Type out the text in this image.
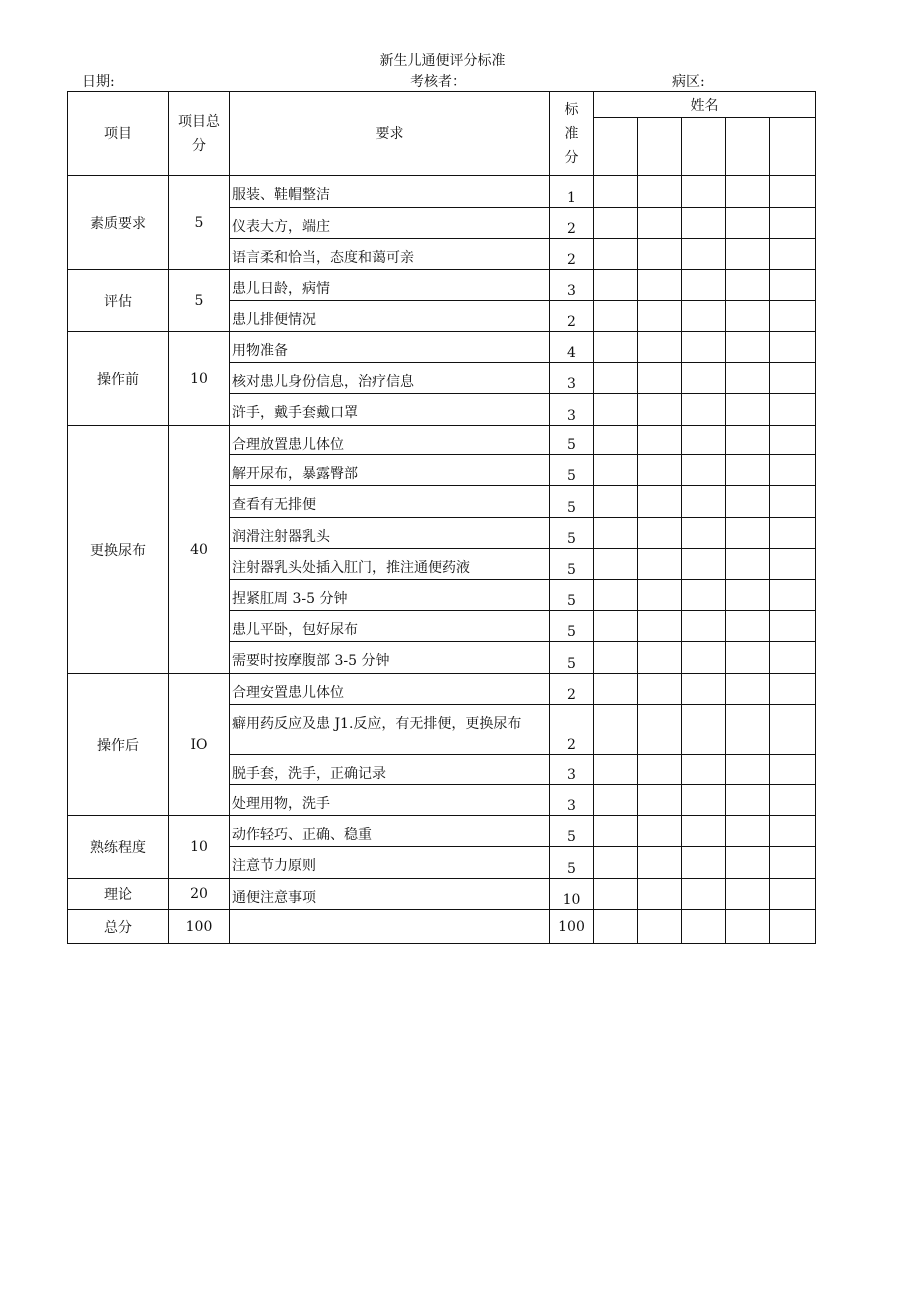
新生儿通便评分标准
日期:	考核者：	病区:
项目	项目总分	要求	标准分	姓名				

素质要求	5	服装、鞋帽整洁	1					
		仪表大方，端庄	2					
		语言柔和恰当，态度和蔼可亲	2					
评估	5	患儿日龄，病情	3					
		患儿排便情况	2					
操作前	10	用物准备	4					
		核对患儿身份信息，治疗信息	3					
		浒手，戴手套戴口罩	3					
更换尿布	40	合理放置患儿体位	5					
		解开尿布，暴露臀部	5					
		查看有无排便	5					
		润滑注射器乳头	5					
		注射器乳头处插入肛门，推注通便药液	5					
		捏紧肛周 3-5 分钟	5					
		患儿平卧，包好尿布	5					
		需要时按摩腹部 3-5 分钟	5					
操作后	IO	合理安置患儿体位	2					
		癖用药反应及患 J1.反应，有无排便，更换尿布	2					
		脱手套，洗手，正确记录	3					
		处理用物，洗手	3					
熟练程度	10	动作轻巧、正确、稳重	5					
		注意节力原则	5					
理论	20	通便注意事项	10					
总分	100		100					
